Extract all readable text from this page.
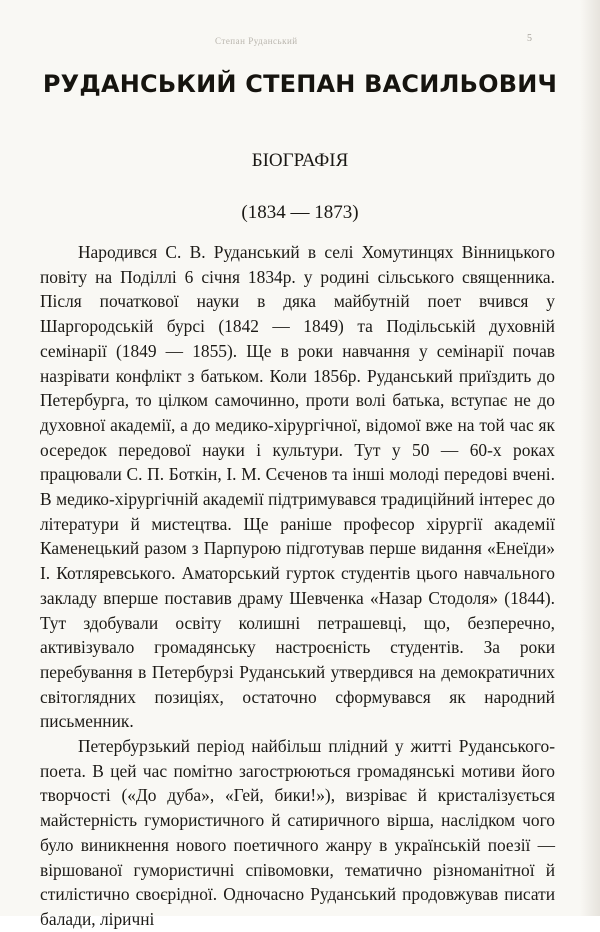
Степан Руданський	5
РУДАНСЬКИЙ СТЕПАН ВАСИЛЬОВИЧ
БІОГРАФІЯ
(1834 — 1873)

Народився С. В. Руданський в селі Хомутинцях Вінницького повіту на Поділлі 6 січня 1834р. у родині сільського священника. Після початкової науки в дяка майбутній поет вчився у Шаргородській бурсі (1842 — 1849) та Подільській духовній семінарії (1849 — 1855). Ще в роки навчання у семінарії почав назрівати конфлікт з батьком. Коли 1856р. Руданський приїздить до Петербурга, то цілком самочинно, проти волі батька, вступає не до духовної академії, а до медико-хірургічної, відомої вже на той час як осередок передової науки і культури. Тут у 50 — 60-х роках працювали С. П. Боткін, І. М. Сєченов та інші молоді передові вчені. В медико-хірургічній академії підтримувався традиційний інтерес до літератури й мистецтва. Ще раніше професор хірургії академії Каменецький разом з Парпурою підготував перше видання «Енеїди» І. Котляревського. Аматорський гурток студентів цього навчального закладу вперше поставив драму Шевченка «Назар Стодоля» (1844). Тут здобували освіту колишні петрашевці, що, безперечно, активізувало громадянську настроєність студентів. За роки перебування в Петербурзі Руданський утвердився на демократичних світоглядних позиціях, остаточно сформувався як народний письменник.

Петербурзький період найбільш плідний у житті Руданського-поета. В цей час помітно загострюються громадянські мотиви його творчості («До дуба», «Гей, бики!»), визріває й кристалізується майстерність гумористичного й сатиричного вірша, наслідком чого було виникнення нового поетичного жанру в українській поезії — віршованої гумористичні співомовки, тематично різноманітної й стилістично своєрідної. Одночасно Руданський продовжував писати балади, ліричні
